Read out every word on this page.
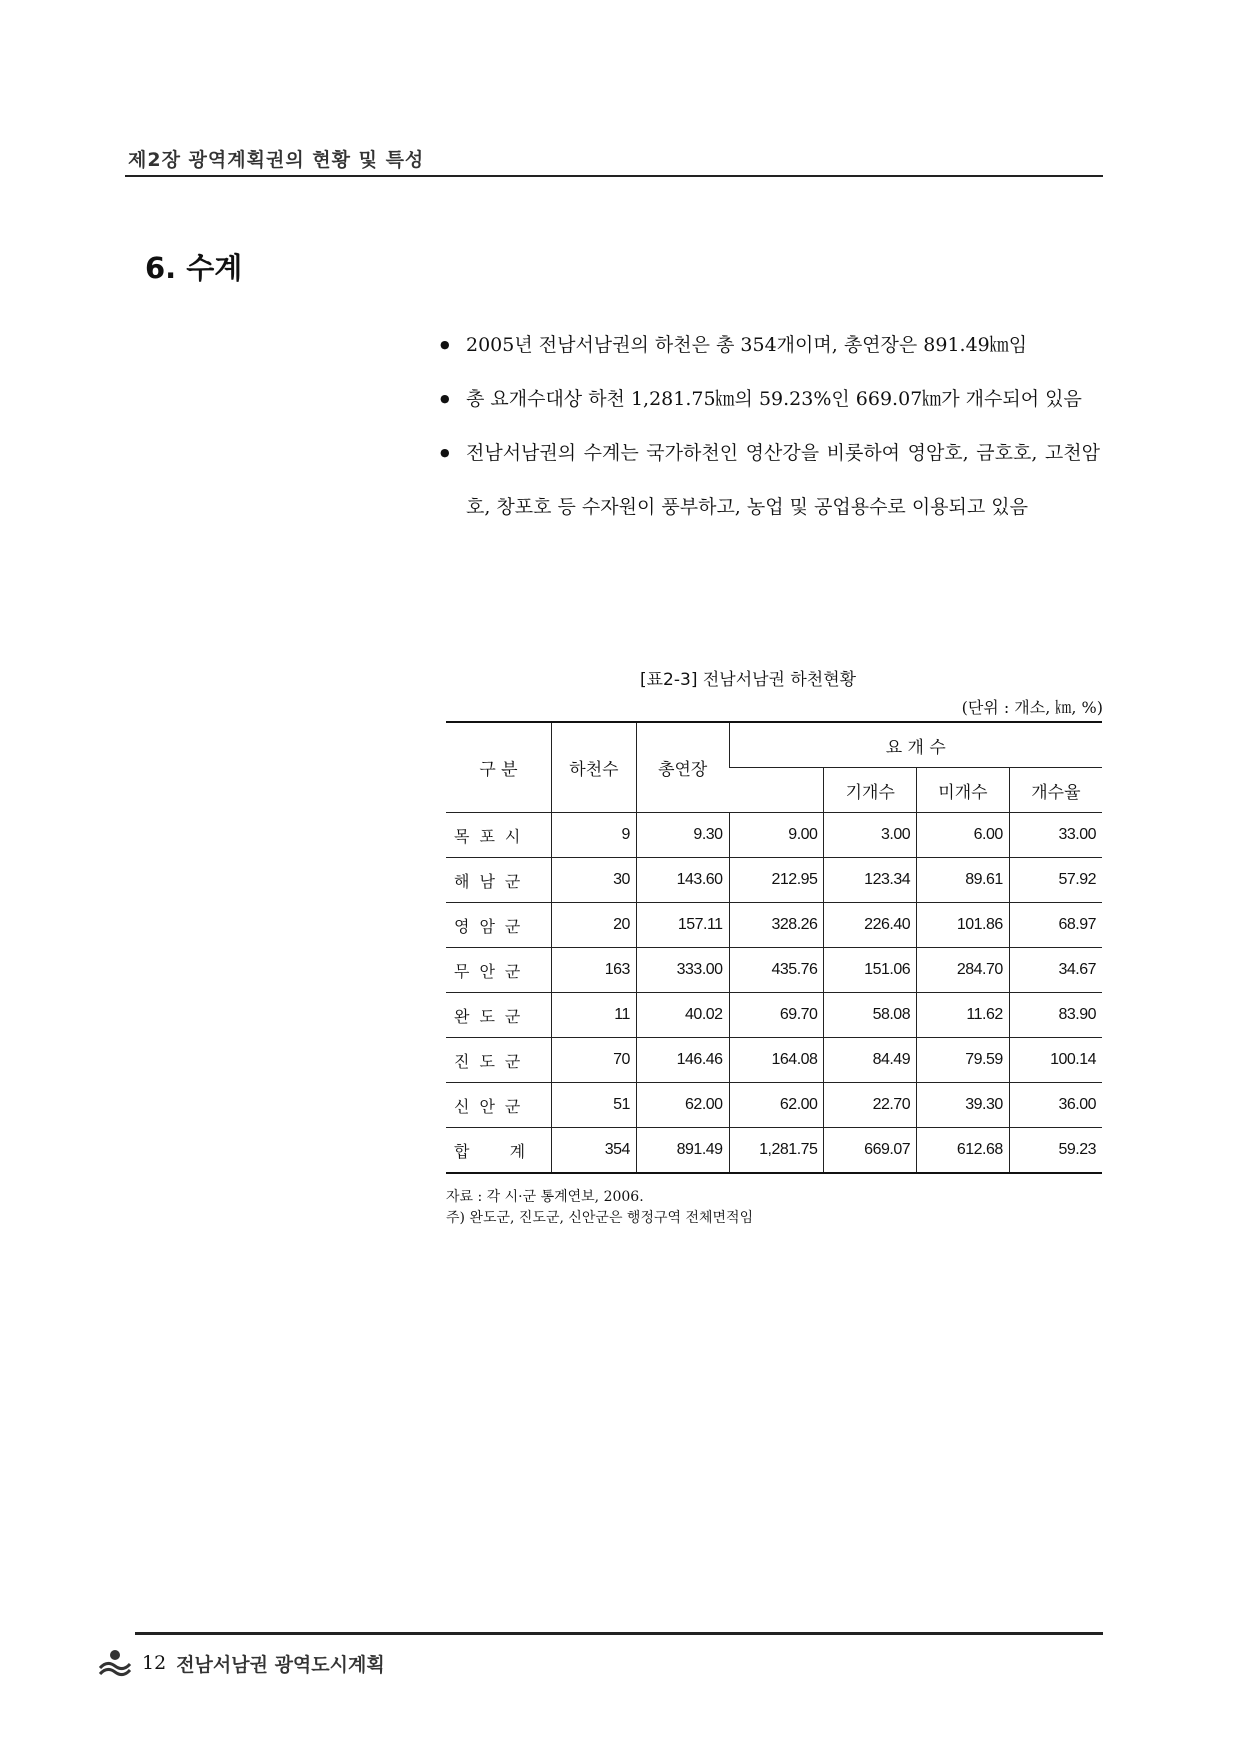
제2장 광역계획권의 현황 및 특성
6. 수계
● 2005년 전남서남권의 하천은 총 354개이며, 총연장은 891.49㎞임
● 총 요개수대상 하천 1,281.75㎞의 59.23%인 669.07㎞가 개수되어 있음
● 전남서남권의 수계는 국가하천인 영산강을 비롯하여 영암호, 금호호, 고천암호, 창포호 등 수자원이 풍부하고, 농업 및 공업용수로 이용되고 있음
[표2-3] 전남서남권 하천현황
(단위 : 개소, ㎞, %)
구 분	하천수	총연장	요 개 수			
				기개수	미개수	개수율
목포시	9	9.30	9.00	3.00	6.00	33.00
해남군	30	143.60	212.95	123.34	89.61	57.92
영암군	20	157.11	328.26	226.40	101.86	68.97
무안군	163	333.00	435.76	151.06	284.70	34.67
완도군	11	40.02	69.70	58.08	11.62	83.90
진도군	70	146.46	164.08	84.49	79.59	100.14
신안군	51	62.00	62.00	22.70	39.30	36.00
합  계	354	891.49	1,281.75	669.07	612.68	59.23
자료 : 각 시·군 통계연보, 2006.
주) 완도군, 진도군, 신안군은 행정구역 전체면적임
12 전남서남권 광역도시계획
